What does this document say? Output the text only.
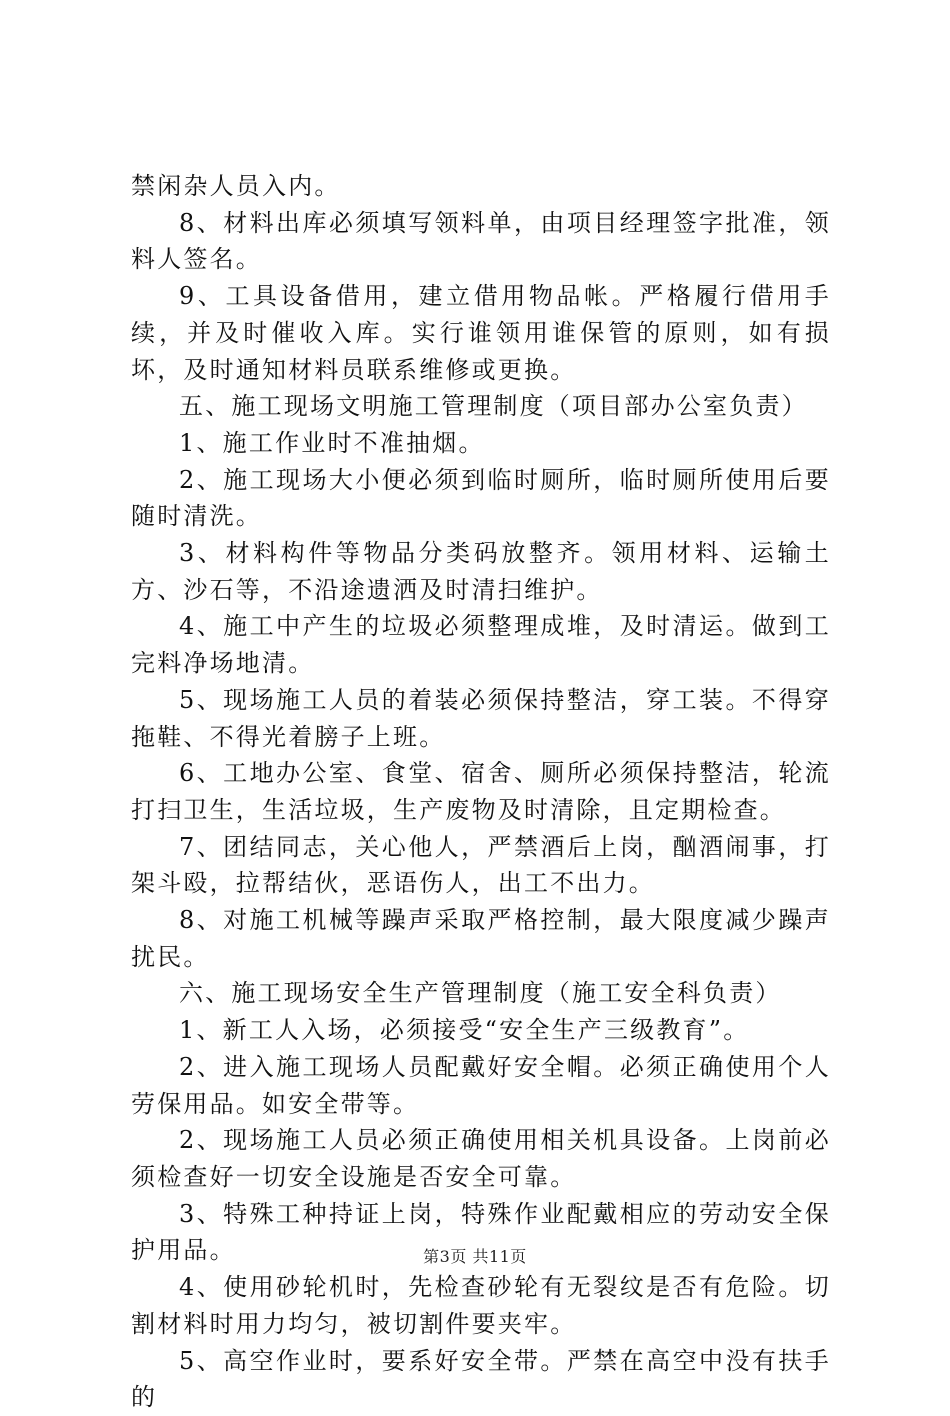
禁闲杂人员入内。

8、材料出库必须填写领料单，由项目经理签字批准，领料人签名。

9、工具设备借用，建立借用物品帐。严格履行借用手续，并及时催收入库。实行谁领用谁保管的原则，如有损坏，及时通知材料员联系维修或更换。

五、施工现场文明施工管理制度（项目部办公室负责）

1、施工作业时不准抽烟。

2、施工现场大小便必须到临时厕所，临时厕所使用后要随时清洗。

3、材料构件等物品分类码放整齐。领用材料、运输土方、沙石等，不沿途遗洒及时清扫维护。

4、施工中产生的垃圾必须整理成堆，及时清运。做到工完料净场地清。

5、现场施工人员的着装必须保持整洁，穿工装。不得穿拖鞋、不得光着膀子上班。

6、工地办公室、食堂、宿舍、厕所必须保持整洁，轮流打扫卫生，生活垃圾，生产废物及时清除，且定期检查。

7、团结同志，关心他人，严禁酒后上岗，酗酒闹事，打架斗殴，拉帮结伙，恶语伤人，出工不出力。

8、对施工机械等躁声采取严格控制，最大限度减少躁声扰民。

六、施工现场安全生产管理制度（施工安全科负责）

1、新工人入场，必须接受“安全生产三级教育”。

2、进入施工现场人员配戴好安全帽。必须正确使用个人劳保用品。如安全带等。

2、现场施工人员必须正确使用相关机具设备。上岗前必须检查好一切安全设施是否安全可靠。

3、特殊工种持证上岗，特殊作业配戴相应的劳动安全保护用品。

4、使用砂轮机时，先检查砂轮有无裂纹是否有危险。切割材料时用力均匀，被切割件要夹牢。

5、高空作业时，要系好安全带。严禁在高空中没有扶手的

第3页 共11页
